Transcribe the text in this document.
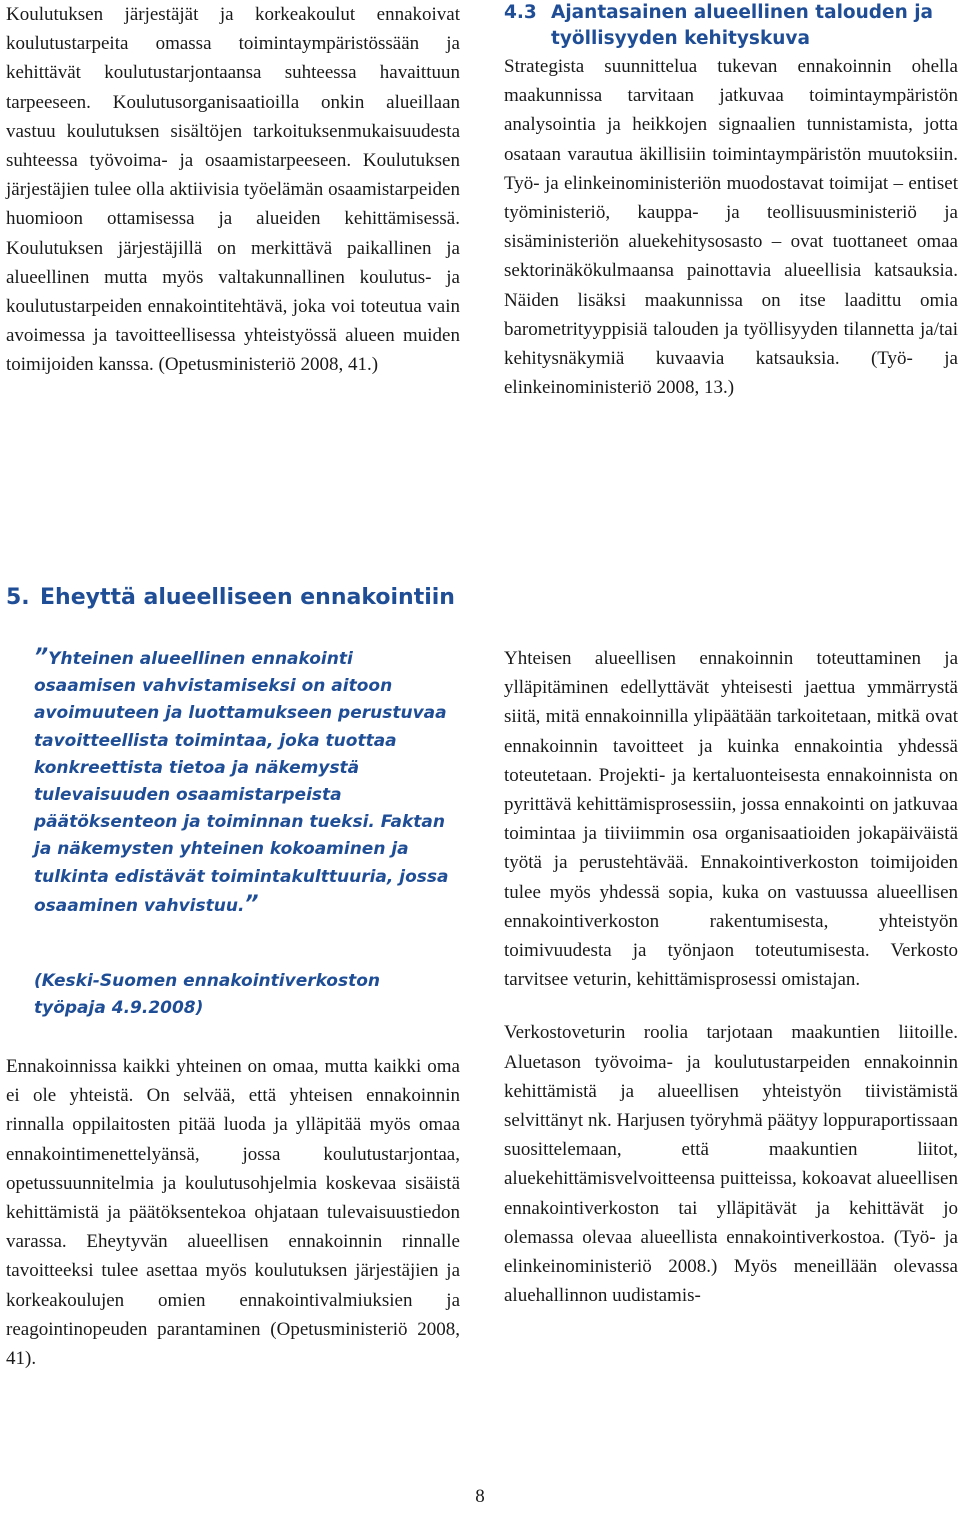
Koulutuksen järjestäjät ja korkeakoulut ennakoivat koulutustarpeita omassa toimintaympäristössään ja kehittävät koulutustarjontaansa suhteessa havaittuun tarpeeseen. Koulutusorganisaatioilla onkin alueillaan vastuu koulutuksen sisältöjen tarkoituksenmukaisuudesta suhteessa työvoima- ja osaamistarpeeseen. Koulutuksen järjestäjien tulee olla aktiivisia työelämän osaamistarpeiden huomioon ottamisessa ja alueiden kehittämisessä. Koulutuksen järjestäjillä on merkittävä paikallinen ja alueellinen mutta myös valtakunnallinen koulutus- ja koulutustarpeiden ennakointitehtävä, joka voi toteutua vain avoimessa ja tavoitteellisessa yhteistyössä alueen muiden toimijoiden kanssa. (Opetusministeriö 2008, 41.)

4.3 Ajantasainen alueellinen talouden ja työllisyyden kehityskuva

Strategista suunnittelua tukevan ennakoinnin ohella maakunnissa tarvitaan jatkuvaa toimintaympäristön analysointia ja heikkojen signaalien tunnistamista, jotta osataan varautua äkillisiin toimintaympäristön muutoksiin. Työ- ja elinkeinoministeriön muodostavat toimijat – entiset työministeriö, kauppa- ja teollisuusministeriö ja sisäministeriön aluekehitysosasto – ovat tuottaneet omaa sektorinäkökulmaansa painottavia alueellisia katsauksia. Näiden lisäksi maakunnissa on itse laadittu omia barometrityyppisiä talouden ja työllisyyden tilannetta ja/tai kehitysnäkymiä kuvaavia katsauksia. (Työ- ja elinkeinoministeriö 2008, 13.)

5. Eheyttä alueelliseen ennakointiin

”Yhteinen alueellinen ennakointi osaamisen vahvistamiseksi on aitoon avoimuuteen ja luottamukseen perustuvaa tavoitteellista toimintaa, joka tuottaa konkreettista tietoa ja näkemystä tulevaisuuden osaamistarpeista päätöksenteon ja toiminnan tueksi. Faktan ja näkemysten yhteinen kokoaminen ja tulkinta edistävät toimintakulttuuria, jossa osaaminen vahvistuu.”

(Keski-Suomen ennakointiverkoston työpaja 4.9.2008)

Ennakoinnissa kaikki yhteinen on omaa, mutta kaikki oma ei ole yhteistä. On selvää, että yhteisen ennakoinnin rinnalla oppilaitosten pitää luoda ja ylläpitää myös omaa ennakointimenettelyänsä, jossa koulutustarjontaa, opetussuunnitelmia ja koulutusohjelmia koskevaa sisäistä kehittämistä ja päätöksentekoa ohjataan tulevaisuustiedon varassa. Eheytyvän alueellisen ennakoinnin rinnalle tavoitteeksi tulee asettaa myös koulutuksen järjestäjien ja korkeakoulujen omien ennakointivalmiuksien ja reagointinopeuden parantaminen (Opetusministeriö 2008, 41).

Yhteisen alueellisen ennakoinnin toteuttaminen ja ylläpitäminen edellyttävät yhteisesti jaettua ymmärrystä siitä, mitä ennakoinnilla ylipäätään tarkoitetaan, mitkä ovat ennakoinnin tavoitteet ja kuinka ennakointia yhdessä toteutetaan. Projekti- ja kertaluonteisesta ennakoinnista on pyrittävä kehittämisprosessiin, jossa ennakointi on jatkuvaa toimintaa ja tiiviimmin osa organisaatioiden jokapäiväistä työtä ja perustehtävää. Ennakointiverkoston toimijoiden tulee myös yhdessä sopia, kuka on vastuussa alueellisen ennakointiverkoston rakentumisesta, yhteistyön toimivuudesta ja työnjaon toteutumisesta. Verkosto tarvitsee veturin, kehittämisprosessi omistajan.

Verkostoveturin roolia tarjotaan maakuntien liitoille. Aluetason työvoima- ja koulutustarpeiden ennakoinnin kehittämistä ja alueellisen yhteistyön tiivistämistä selvittänyt nk. Harjusen työryhmä päätyy loppuraportissaan suosittelemaan, että maakuntien liitot, aluekehittämisvelvoitteensa puitteissa, kokoavat alueellisen ennakointiverkoston tai ylläpitävät ja kehittävät jo olemassa olevaa alueellista ennakointiverkostoa. (Työ- ja elinkeinoministeriö 2008.) Myös meneillään olevassa aluehallinnon uudistamis-

8
